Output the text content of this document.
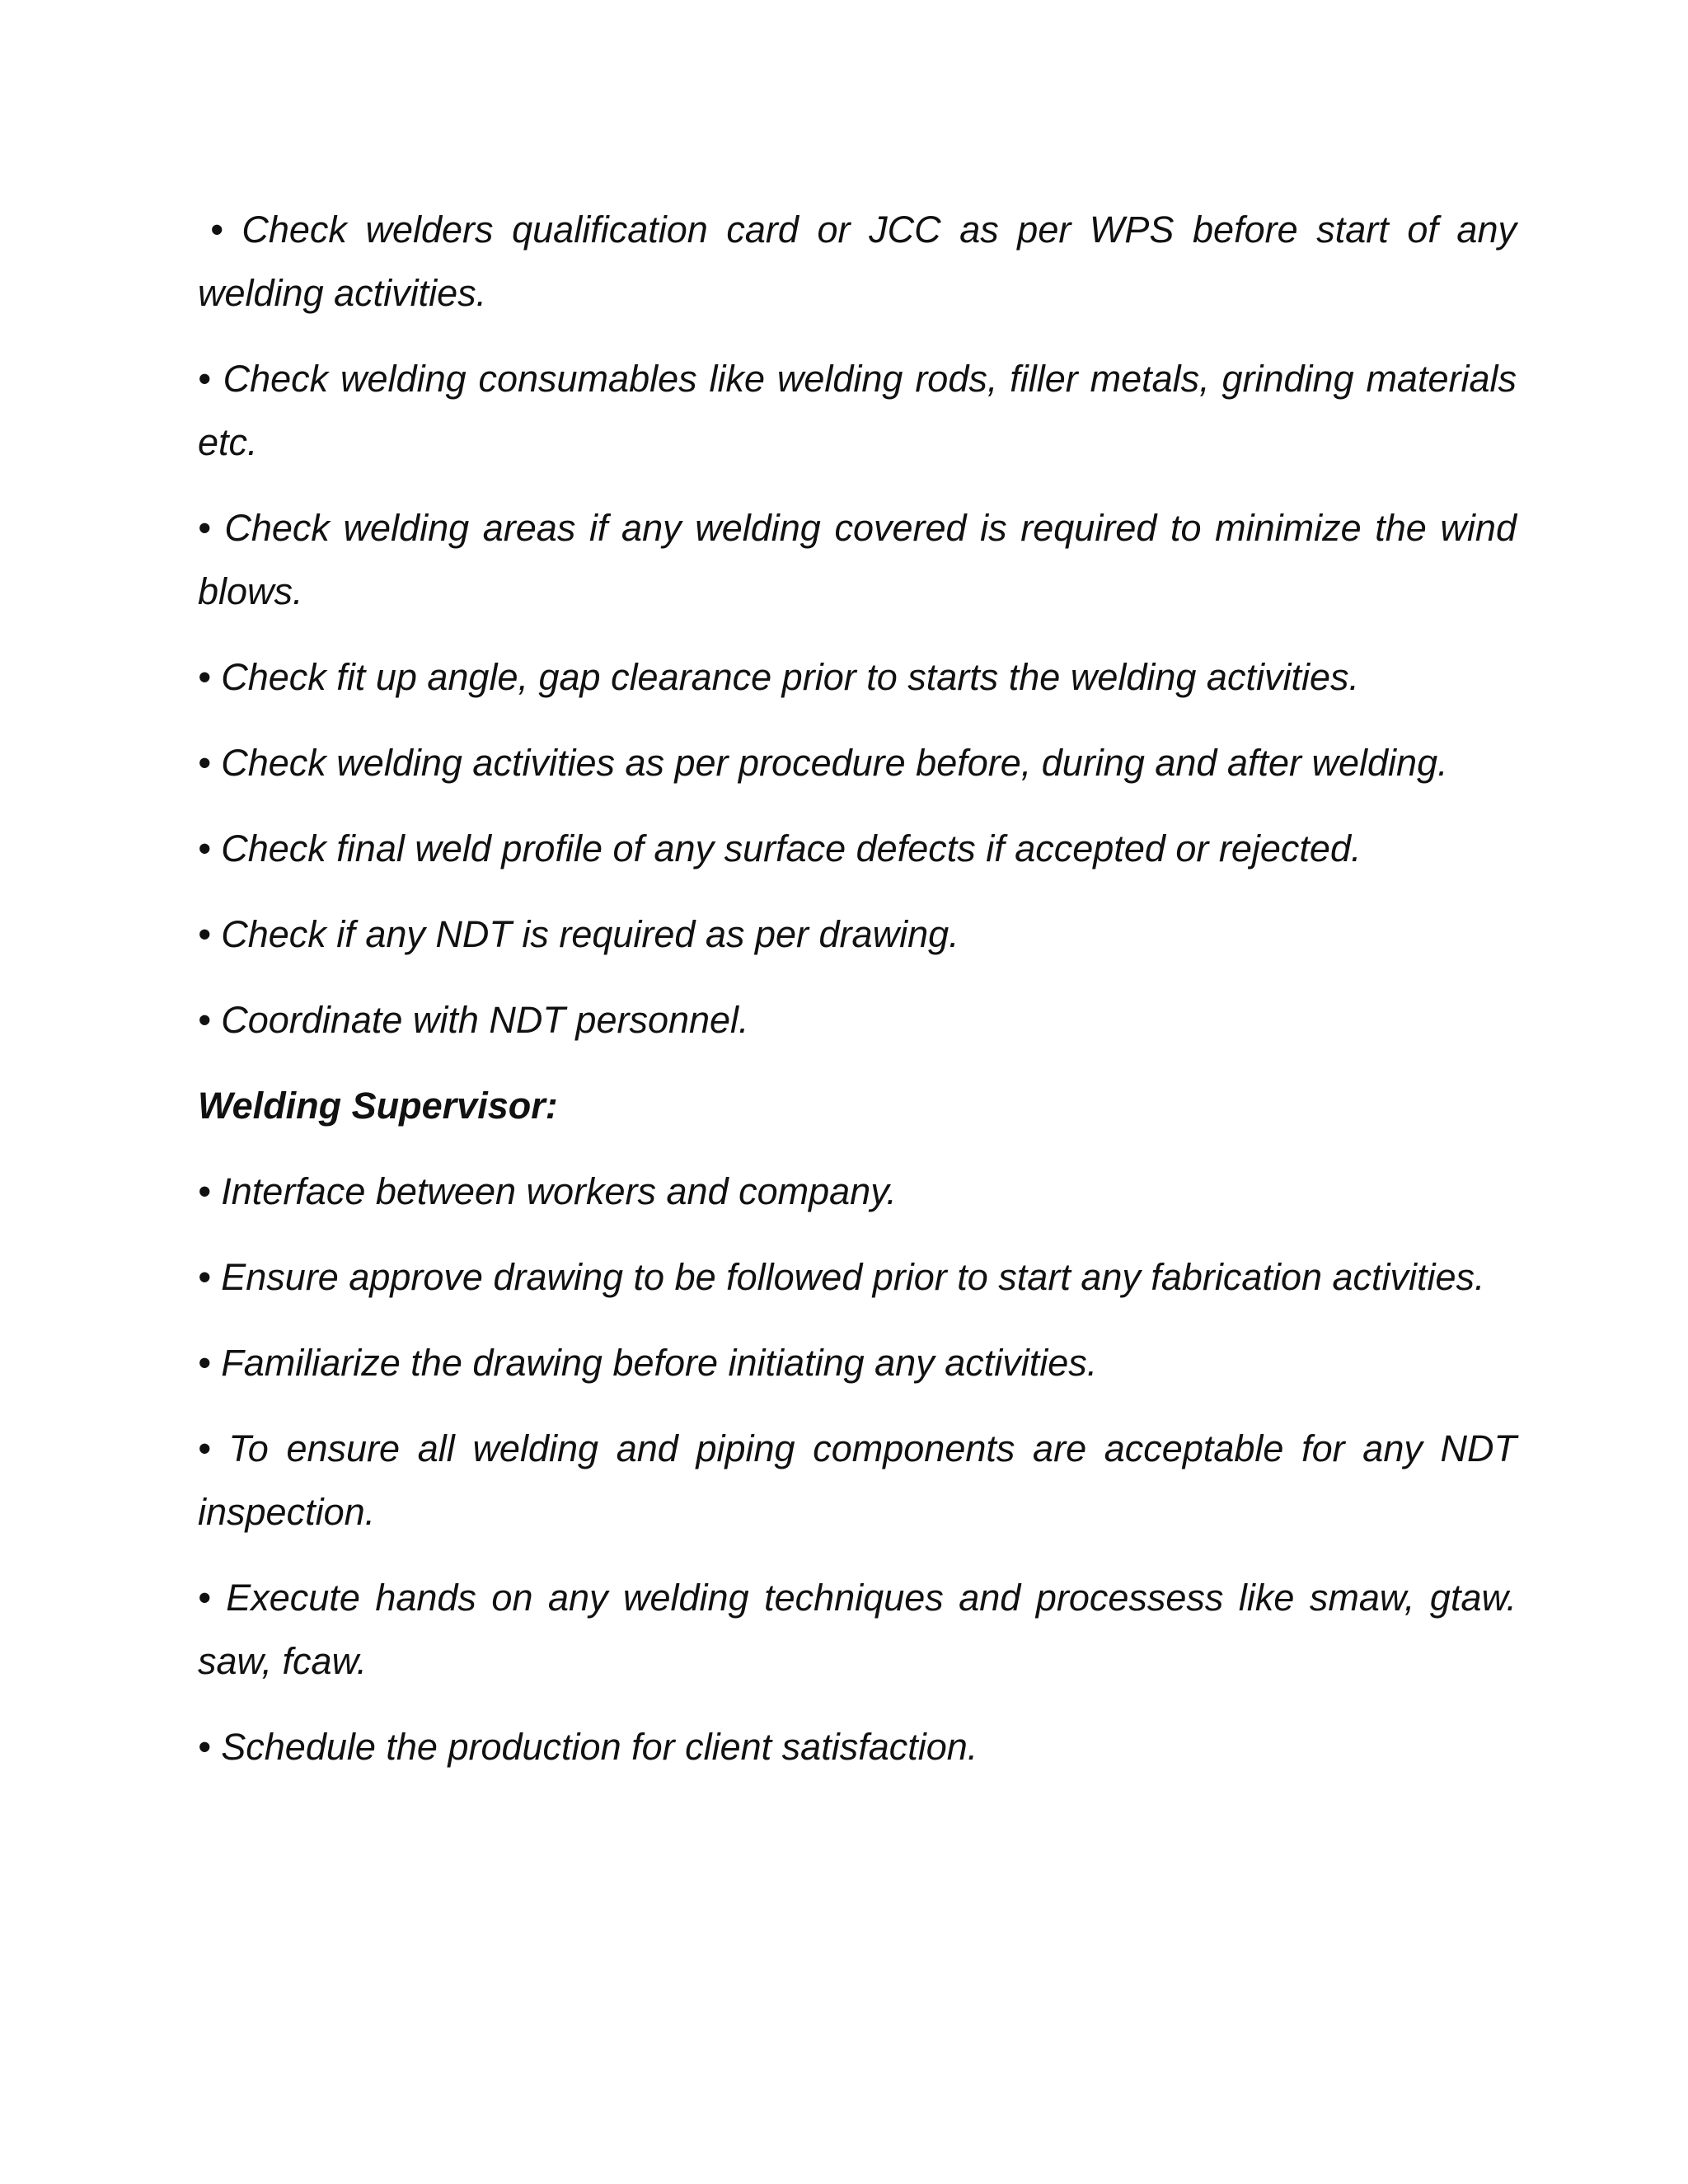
• Check welders qualification card or JCC as per WPS before start of any welding activities.

• Check welding consumables like welding rods, filler metals, grinding materials etc.

• Check welding areas if any welding covered is required to minimize the wind blows.

• Check fit up angle, gap clearance prior to starts the welding activities.

• Check welding activities as per procedure before, during and after welding.

• Check final weld profile of any surface defects if accepted or rejected.

• Check if any NDT is required as per drawing.

• Coordinate with NDT personnel.

Welding Supervisor:

• Interface between workers and company.

• Ensure approve drawing to be followed prior to start any fabrication activities.

• Familiarize the drawing before initiating any activities.

• To ensure all welding and piping components are acceptable for any NDT inspection.

• Execute hands on any welding techniques and processess like smaw, gtaw. saw, fcaw.

• Schedule the production for client satisfaction.
